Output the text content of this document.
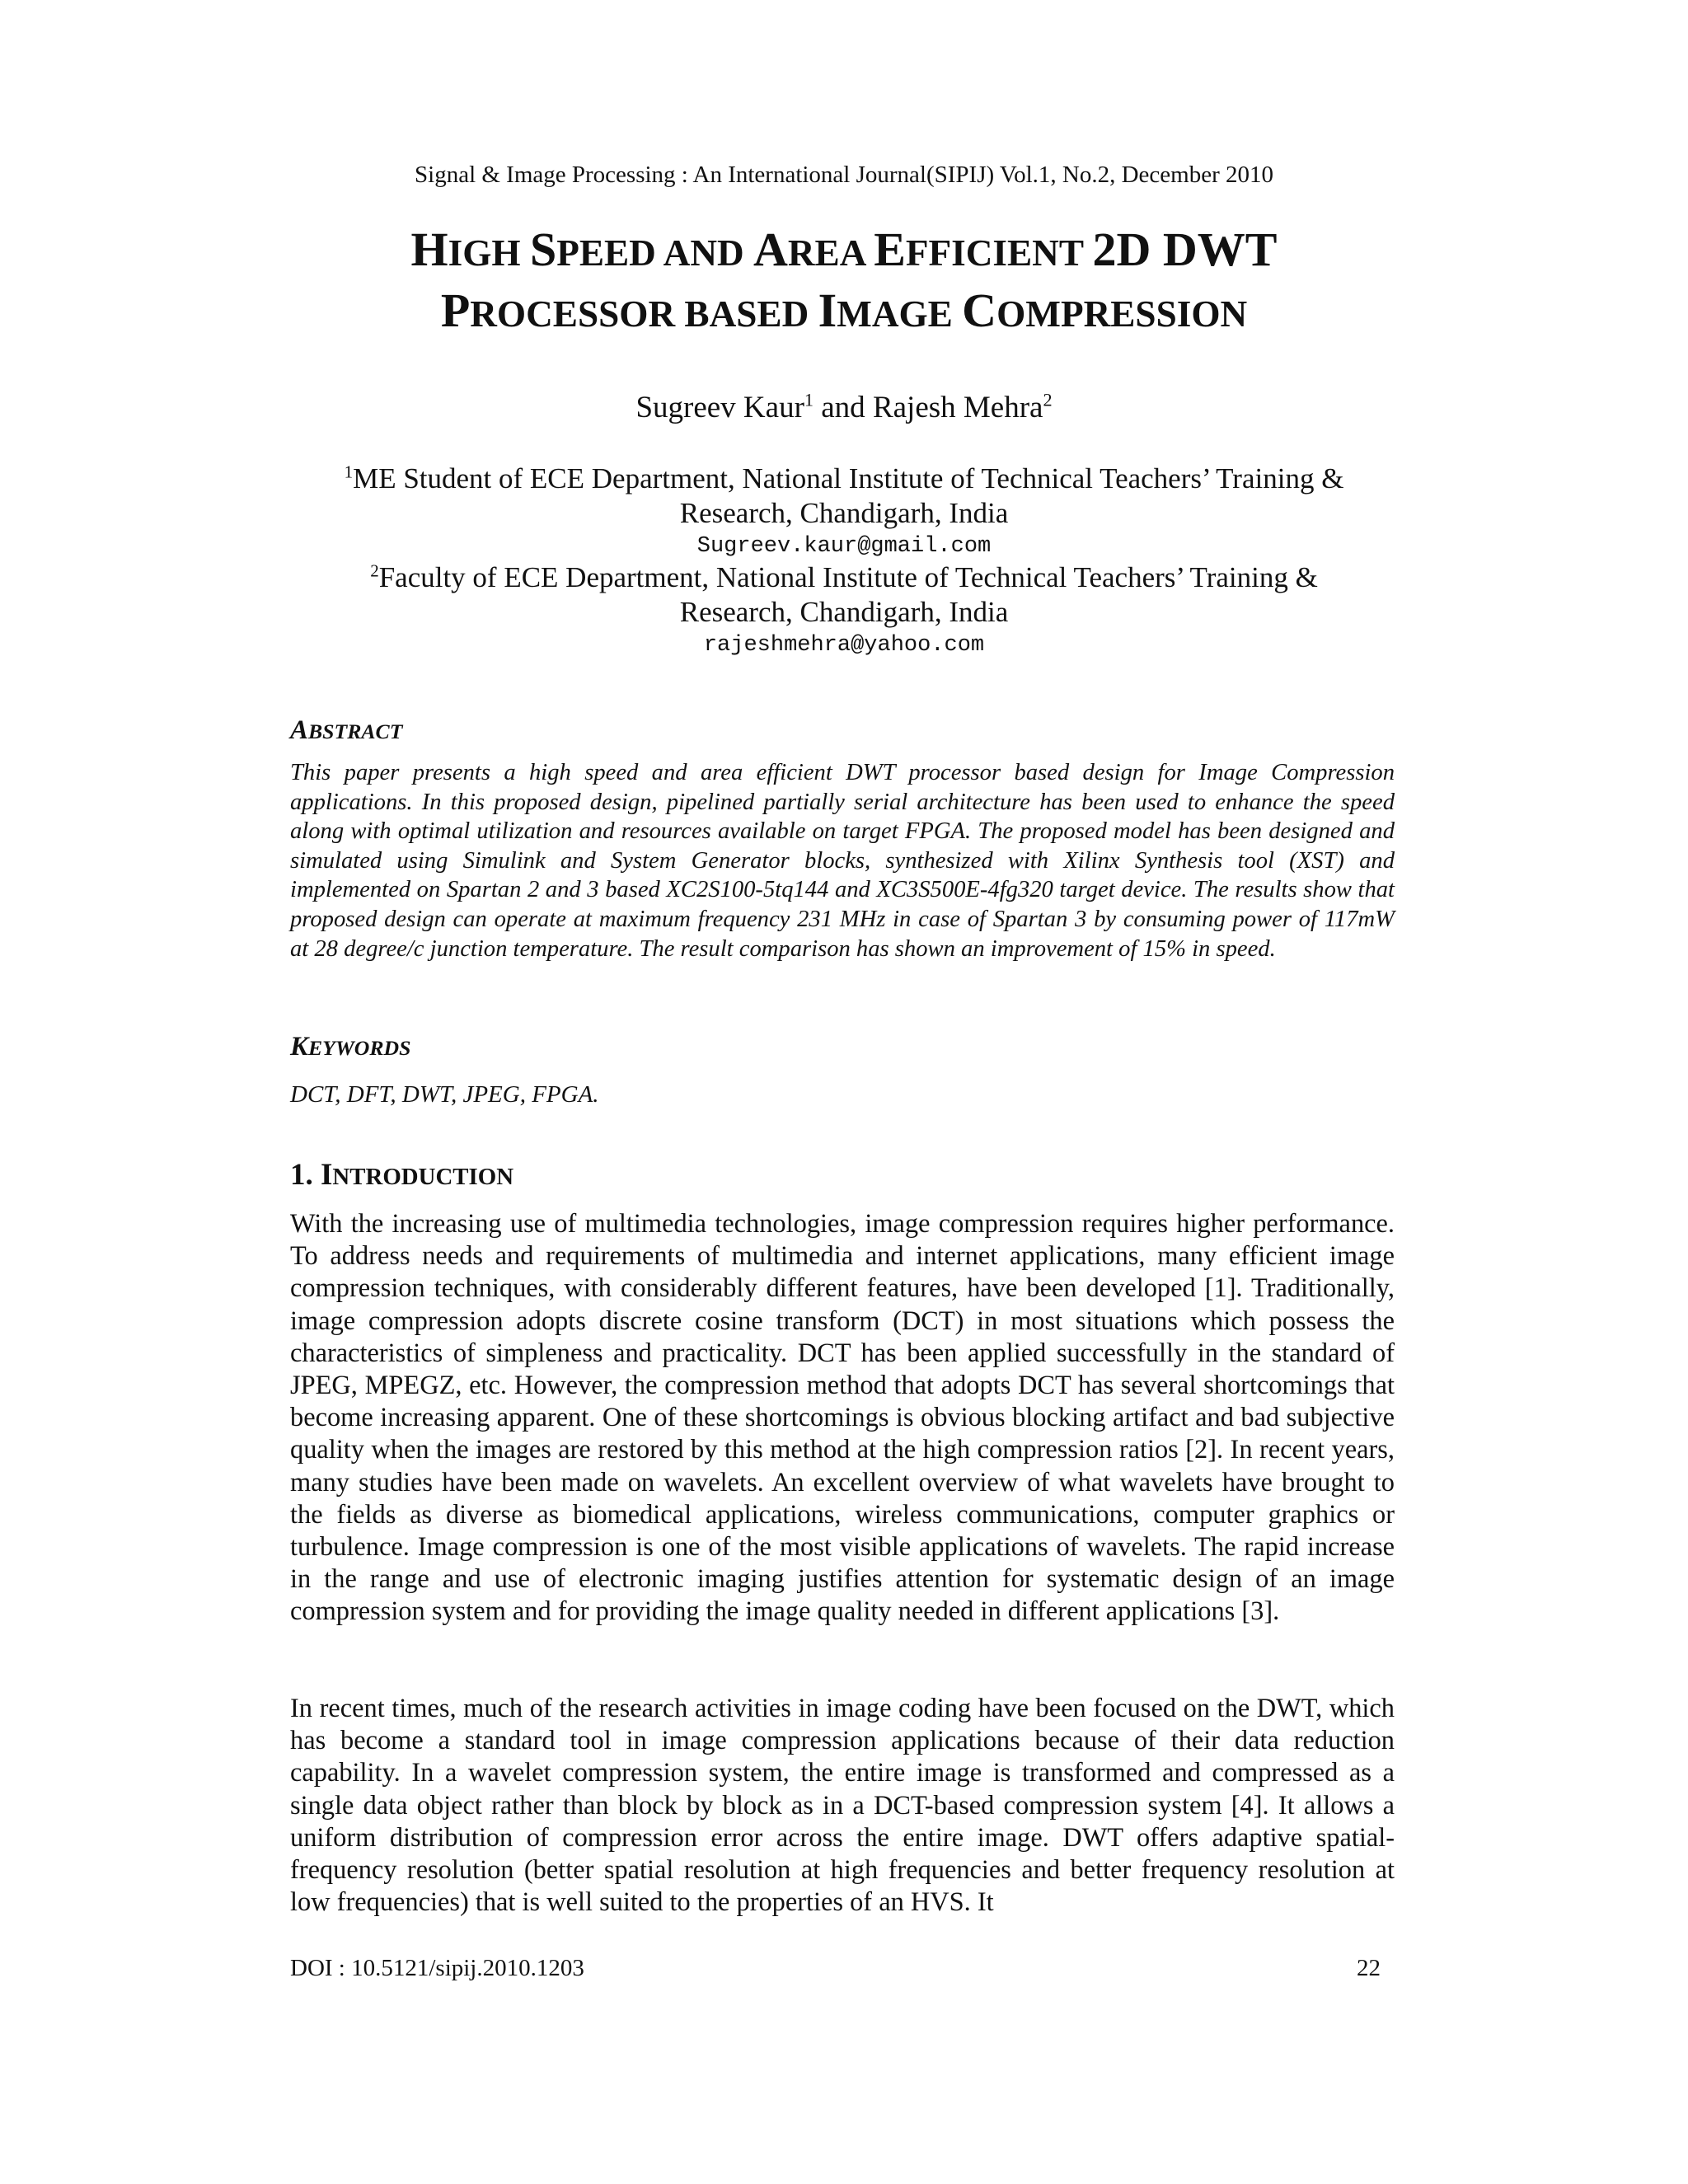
Signal & Image Processing : An International Journal(SIPIJ) Vol.1, No.2, December 2010
HIGH SPEED AND AREA EFFICIENT 2D DWT
PROCESSOR BASED IMAGE COMPRESSION
Sugreev Kaur$^1$ and Rajesh Mehra$^2$
$^1$ME Student of ECE Department, National Institute of Technical Teachers’ Training &
Research, Chandigarh, India
Sugreev.kaur@gmail.com
$^2$Faculty of ECE Department, National Institute of Technical Teachers’ Training &
Research, Chandigarh, India
rajeshmehra@yahoo.com
ABSTRACT
This paper presents a high speed and area efficient DWT processor based design for Image Compression applications. In this proposed design, pipelined partially serial architecture has been used to enhance the speed along with optimal utilization and resources available on target FPGA. The proposed model has been designed and simulated using Simulink and System Generator blocks, synthesized with Xilinx Synthesis tool (XST) and implemented on Spartan 2 and 3 based XC2S100-5tq144 and XC3S500E-4fg320 target device. The results show that proposed design can operate at maximum frequency 231 MHz in case of Spartan 3 by consuming power of 117mW at 28 degree/c junction temperature. The result comparison has shown an improvement of 15% in speed.
KEYWORDS
DCT, DFT, DWT, JPEG, FPGA.
1. INTRODUCTION
With the increasing use of multimedia technologies, image compression requires higher performance. To address needs and requirements of multimedia and internet applications, many efficient image compression techniques, with considerably different features, have been developed [1]. Traditionally, image compression adopts discrete cosine transform (DCT) in most situations which possess the characteristics of simpleness and practicality. DCT has been applied successfully in the standard of JPEG, MPEGZ, etc. However, the compression method that adopts DCT has several shortcomings that become increasing apparent. One of these shortcomings is obvious blocking artifact and bad subjective quality when the images are restored by this method at the high compression ratios [2]. In recent years, many studies have been made on wavelets. An excellent overview of what wavelets have brought to the fields as diverse as biomedical applications, wireless communications, computer graphics or turbulence. Image compression is one of the most visible applications of wavelets. The rapid increase in the range and use of electronic imaging justifies attention for systematic design of an image compression system and for providing the image quality needed in different applications [3].
In recent times, much of the research activities in image coding have been focused on the DWT, which has become a standard tool in image compression applications because of their data reduction capability. In a wavelet compression system, the entire image is transformed and compressed as a single data object rather than block by block as in a DCT-based compression system [4]. It allows a uniform distribution of compression error across the entire image. DWT offers adaptive spatial-frequency resolution (better spatial resolution at high frequencies and better frequency resolution at low frequencies) that is well suited to the properties of an HVS. It
DOI : 10.5121/sipij.2010.1203	22
